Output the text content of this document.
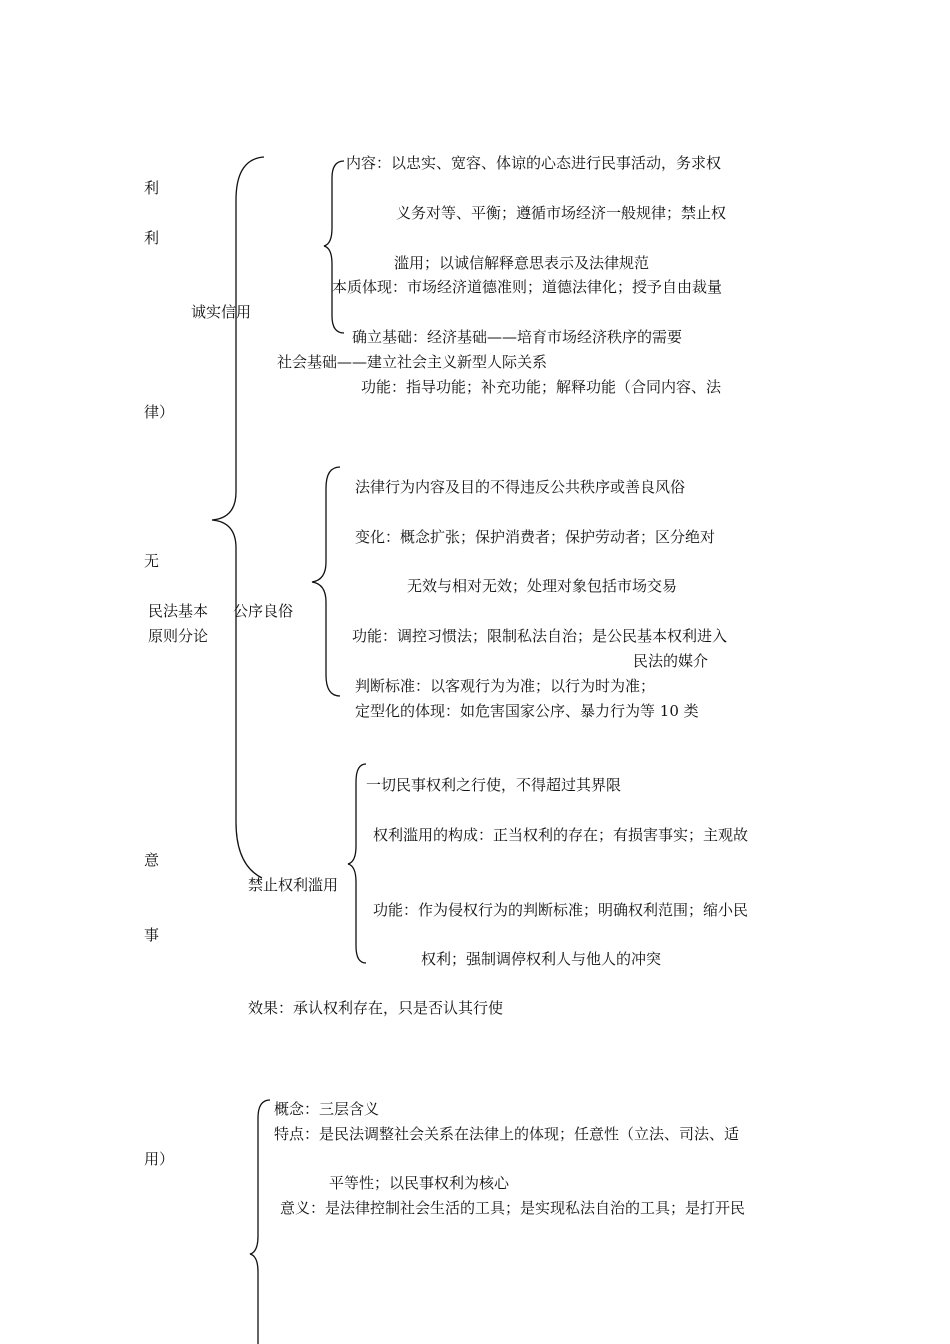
利
利
律）
无
意
事
用）
民法基本
原则分论
诚实信用
内容：以忠实、宽容、体谅的心态进行民事活动，务求权
义务对等、平衡；遵循市场经济一般规律；禁止权
滥用；以诚信解释意思表示及法律规范
本质体现：市场经济道德准则；道德法律化；授予自由裁量
确立基础：经济基础——培育市场经济秩序的需要
社会基础——建立社会主义新型人际关系
功能：指导功能；补充功能；解释功能（合同内容、法
公序良俗
法律行为内容及目的不得违反公共秩序或善良风俗
变化：概念扩张；保护消费者；保护劳动者；区分绝对
无效与相对无效；处理对象包括市场交易
功能：调控习惯法；限制私法自治；是公民基本权利进入
民法的媒介
判断标准：以客观行为为准；以行为时为准；
定型化的体现：如危害国家公序、暴力行为等 10 类
禁止权利滥用
一切民事权利之行使，不得超过其界限
权利滥用的构成：正当权利的存在；有损害事实；主观故
功能：作为侵权行为的判断标准；明确权利范围；缩小民
权利；强制调停权利人与他人的冲突
效果：承认权利存在，只是否认其行使
概念：三层含义
特点：是民法调整社会关系在法律上的体现；任意性（立法、司法、适
平等性；以民事权利为核心
意义：是法律控制社会生活的工具；是实现私法自治的工具；是打开民
